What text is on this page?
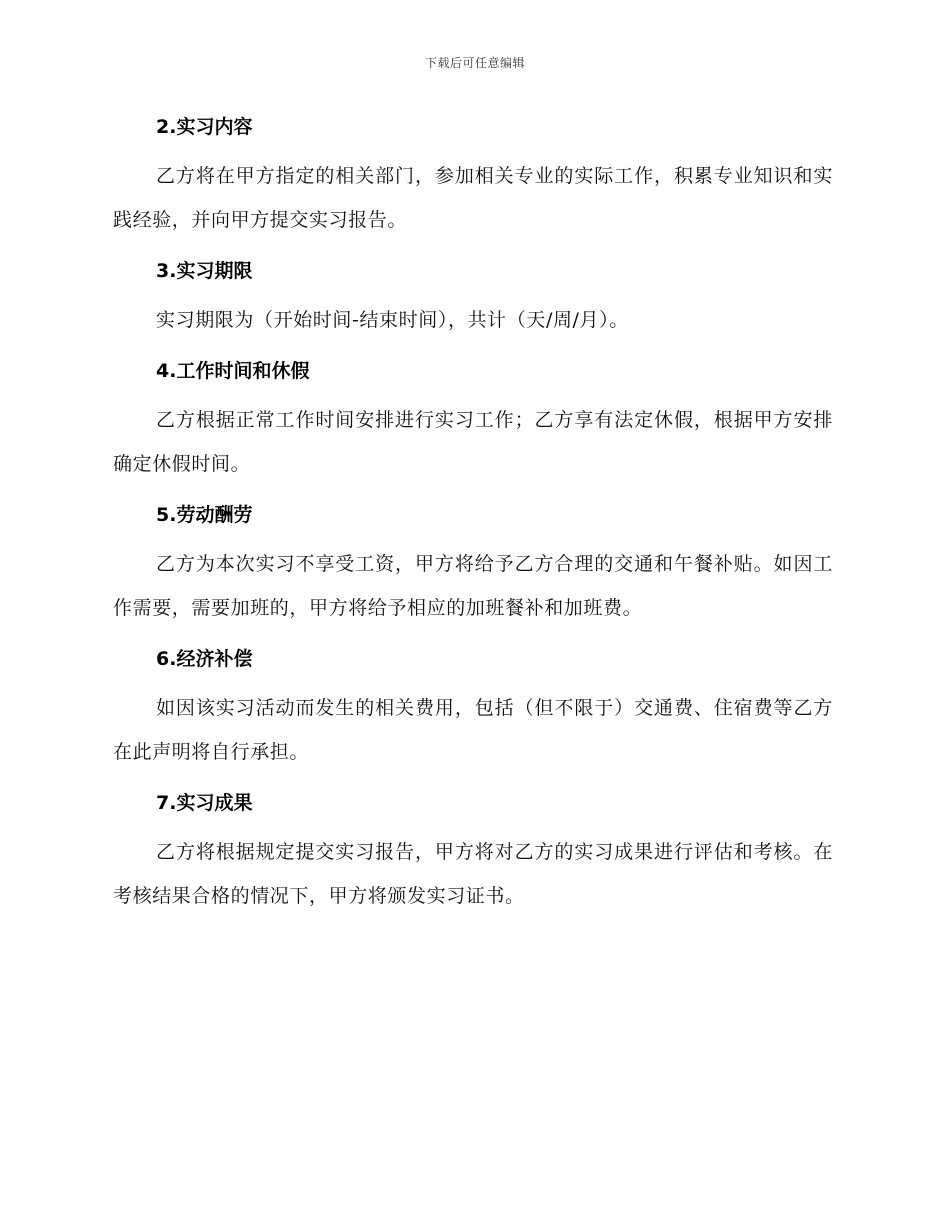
下载后可任意编辑
2.实习内容

乙方将在甲方指定的相关部门，参加相关专业的实际工作，积累专业知识和实践经验，并向甲方提交实习报告。

3.实习期限

实习期限为（开始时间-结束时间），共计（天/周/月）。

4.工作时间和休假

乙方根据正常工作时间安排进行实习工作；乙方享有法定休假，根据甲方安排确定休假时间。

5.劳动酬劳

乙方为本次实习不享受工资，甲方将给予乙方合理的交通和午餐补贴。如因工作需要，需要加班的，甲方将给予相应的加班餐补和加班费。

6.经济补偿

如因该实习活动而发生的相关费用，包括（但不限于）交通费、住宿费等乙方在此声明将自行承担。

7.实习成果

乙方将根据规定提交实习报告，甲方将对乙方的实习成果进行评估和考核。在考核结果合格的情况下，甲方将颁发实习证书。
